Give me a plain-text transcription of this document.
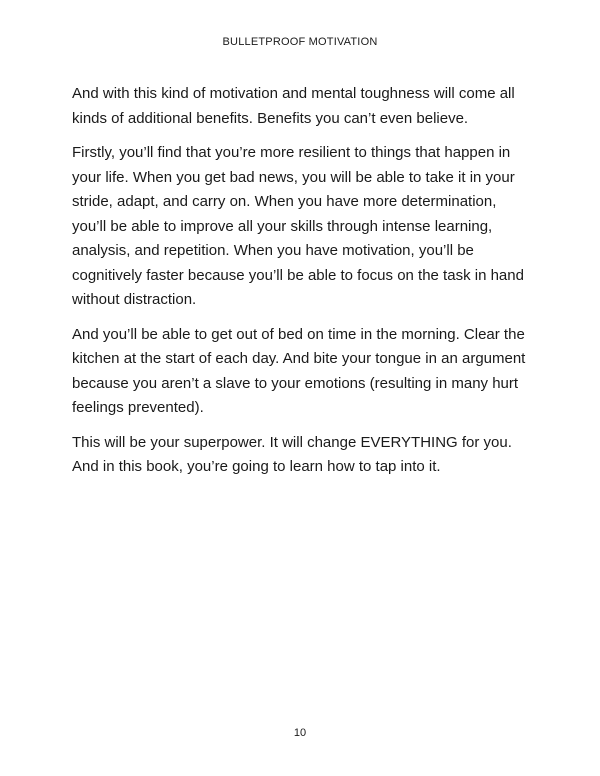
BULLETPROOF MOTIVATION

And with this kind of motivation and mental toughness will come all kinds of additional benefits. Benefits you can’t even believe.

Firstly, you’ll find that you’re more resilient to things that happen in your life. When you get bad news, you will be able to take it in your stride, adapt, and carry on. When you have more determination, you’ll be able to improve all your skills through intense learning, analysis, and repetition. When you have motivation, you’ll be cognitively faster because you’ll be able to focus on the task in hand without distraction.

And you’ll be able to get out of bed on time in the morning. Clear the kitchen at the start of each day. And bite your tongue in an argument because you aren’t a slave to your emotions (resulting in many hurt feelings prevented).

This will be your superpower. It will change EVERYTHING for you. And in this book, you’re going to learn how to tap into it.

10
